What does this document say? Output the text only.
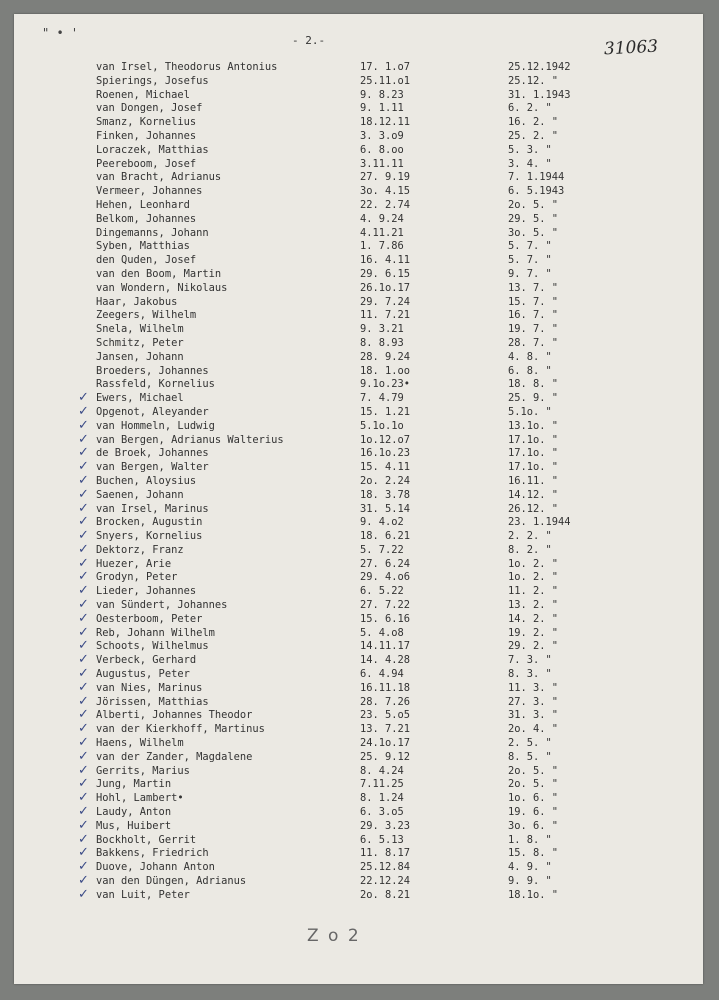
" • '
- 2.-	31063
van Irsel, Theodorus Antonius	17. 1.o7	25.12.1942
Spierings, Josefus	25.11.o1	25.12. "
Roenen, Michael	9. 8.23	31. 1.1943
van Dongen, Josef	9. 1.11	6. 2. "
Smanz, Kornelius	18.12.11	16. 2. "
Finken, Johannes	3. 3.o9	25. 2. "
Loraczek, Matthias	6. 8.oo	5. 3. "
Peereboom, Josef	3.11.11	3. 4. "
van Bracht, Adrianus	27. 9.19	7. 1.1944
Vermeer, Johannes	3o. 4.15	6. 5.1943
Hehen, Leonhard	22. 2.74	2o. 5. "
Belkom, Johannes	4. 9.24	29. 5. "
Dingemanns, Johann	4.11.21	3o. 5. "
Syben, Matthias	1. 7.86	5. 7. "
den Quden, Josef	16. 4.11	5. 7. "
van den Boom, Martin	29. 6.15	9. 7. "
van Wondern, Nikolaus	26.1o.17	13. 7. "
Haar, Jakobus	29. 7.24	15. 7. "
Zeegers, Wilhelm	11. 7.21	16. 7. "
Snela, Wilhelm	9. 3.21	19. 7. "
Schmitz, Peter	8. 8.93	28. 7. "
Jansen, Johann	28. 9.24	4. 8. "
Broeders, Johannes	18. 1.oo	6. 8. "
Rassfeld, Kornelius	9.1o.23•	18. 8. "
✓ Ewers, Michael	7. 4.79	25. 9. "
✓ Opgenot, Aleyander	15. 1.21	5.1o. "
✓ van Hommeln, Ludwig	5.1o.1o	13.1o. "
✓ van Bergen, Adrianus Walterius	1o.12.o7	17.1o. "
✓ de Broek, Johannes	16.1o.23	17.1o. "
✓ van Bergen, Walter	15. 4.11	17.1o. "
✓ Buchen, Aloysius	2o. 2.24	16.11. "
✓ Saenen, Johann	18. 3.78	14.12. "
✓ van Irsel, Marinus	31. 5.14	26.12. "
✓ Brocken, Augustin	9. 4.o2	23. 1.1944
✓ Snyers, Kornelius	18. 6.21	2. 2. "
✓ Dektorz, Franz	5. 7.22	8. 2. "
✓ Huezer, Arie	27. 6.24	1o. 2. "
✓ Grodyn, Peter	29. 4.o6	1o. 2. "
✓ Lieder, Johannes	6. 5.22	11. 2. "
✓ van Sündert, Johannes	27. 7.22	13. 2. "
✓ Oesterboom, Peter	15. 6.16	14. 2. "
✓ Reb, Johann Wilhelm	5. 4.o8	19. 2. "
✓ Schoots, Wilhelmus	14.11.17	29. 2. "
✓ Verbeck, Gerhard	14. 4.28	7. 3. "
✓ Augustus, Peter	6. 4.94	8. 3. "
✓ van Nies, Marinus	16.11.18	11. 3. "
✓ Jörissen, Matthias	28. 7.26	27. 3. "
✓ Alberti, Johannes Theodor	23. 5.o5	31. 3. "
✓ van der Kierkhoff, Martinus	13. 7.21	2o. 4. "
✓ Haens, Wilhelm	24.1o.17	2. 5. "
✓ van der Zander, Magdalene	25. 9.12	8. 5. "
✓ Gerrits, Marius	8. 4.24	2o. 5. "
✓ Jung, Martin	7.11.25	2o. 5. "
✓ Hohl, Lambert•	8. 1.24	1o. 6. "
✓ Laudy, Anton	6. 3.o5	19. 6. "
✓ Mus, Huibert	29. 3.23	3o. 6. "
✓ Bockholt, Gerrit	6. 5.13	1. 8. "
✓ Bakkens, Friedrich	11. 8.17	15. 8. "
✓ Duove, Johann Anton	25.12.84	4. 9. "
✓ van den Düngen, Adrianus	22.12.24	9. 9. "
✓ van Luit, Peter	2o. 8.21	18.1o. "
Z o 2
